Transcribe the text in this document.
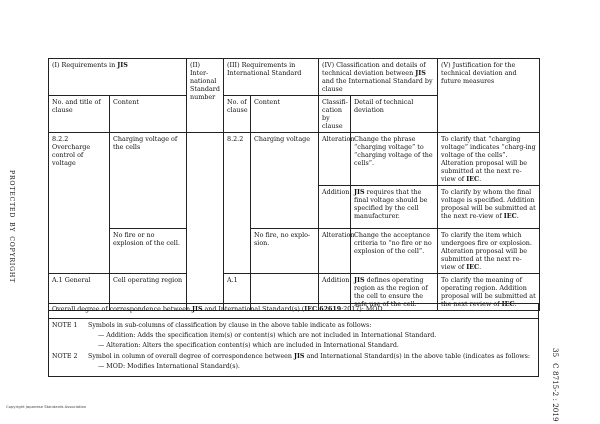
(I) Requirements in JIS		(II) Inter-national Standard number	(III) Requirements in International Standard		(IV) Classification and details of technical deviation between JIS and the International Standard by clause		(V) Justification for the technical deviation and future measures
No. and title of clause	Content		No. of clause	Content	Classifi-cation by clause	Detail of technical deviation	
8.2.2 Overcharge control of voltage	Charging voltage of the cells		8.2.2	Charging voltage	Alteration	Change the phrase “charging voltage” to “charging voltage of the cells”.	To clarify that “charging voltage” indicates “charg-ing voltage of the cells”. Alteration proposal will be submitted at the next re-view of IEC.
					Addition	JIS requires that the final voltage should be specified by the cell manufacturer.	To clarify by whom the final voltage is specified. Addition proposal will be submitted at the next re-view of IEC.
	No fire or no explosion of the cell.			No fire, no explo-sion.	Alteration	Change the acceptance criteria to “no fire or no explosion of the cell”.	To clarify the item which undergoes fire or explosion. Alteration proposal will be submitted at the next re-view of IEC.
A.1 General	Cell operating region		A.1		Addition	JIS defines operating region as the region of the cell to ensure the safe use of the cell.	To clarify the meaning of operating region. Addition proposal will be submitted at the next review of IEC.
Overall degree of correspondence between JIS and International Standard(s) (IEC 62619:2017): MOD
NOTE 1 Symbols in sub-columns of classification by clause in the above table indicate as follows:
— Addition: Adds the specification item(s) or content(s) which are not included in International Standard.
— Alteration: Alters the specification content(s) which are included in International Standard.
NOTE 2 Symbol in column of overall degree of correspondence between JIS and International Standard(s) in the above table (indicates as follows:
— MOD: Modifies International Standard(s).
PROTECTEDBYCOPYRIGHT
35C 8715-2 : 2019
Copyright Japanese Standards Association
